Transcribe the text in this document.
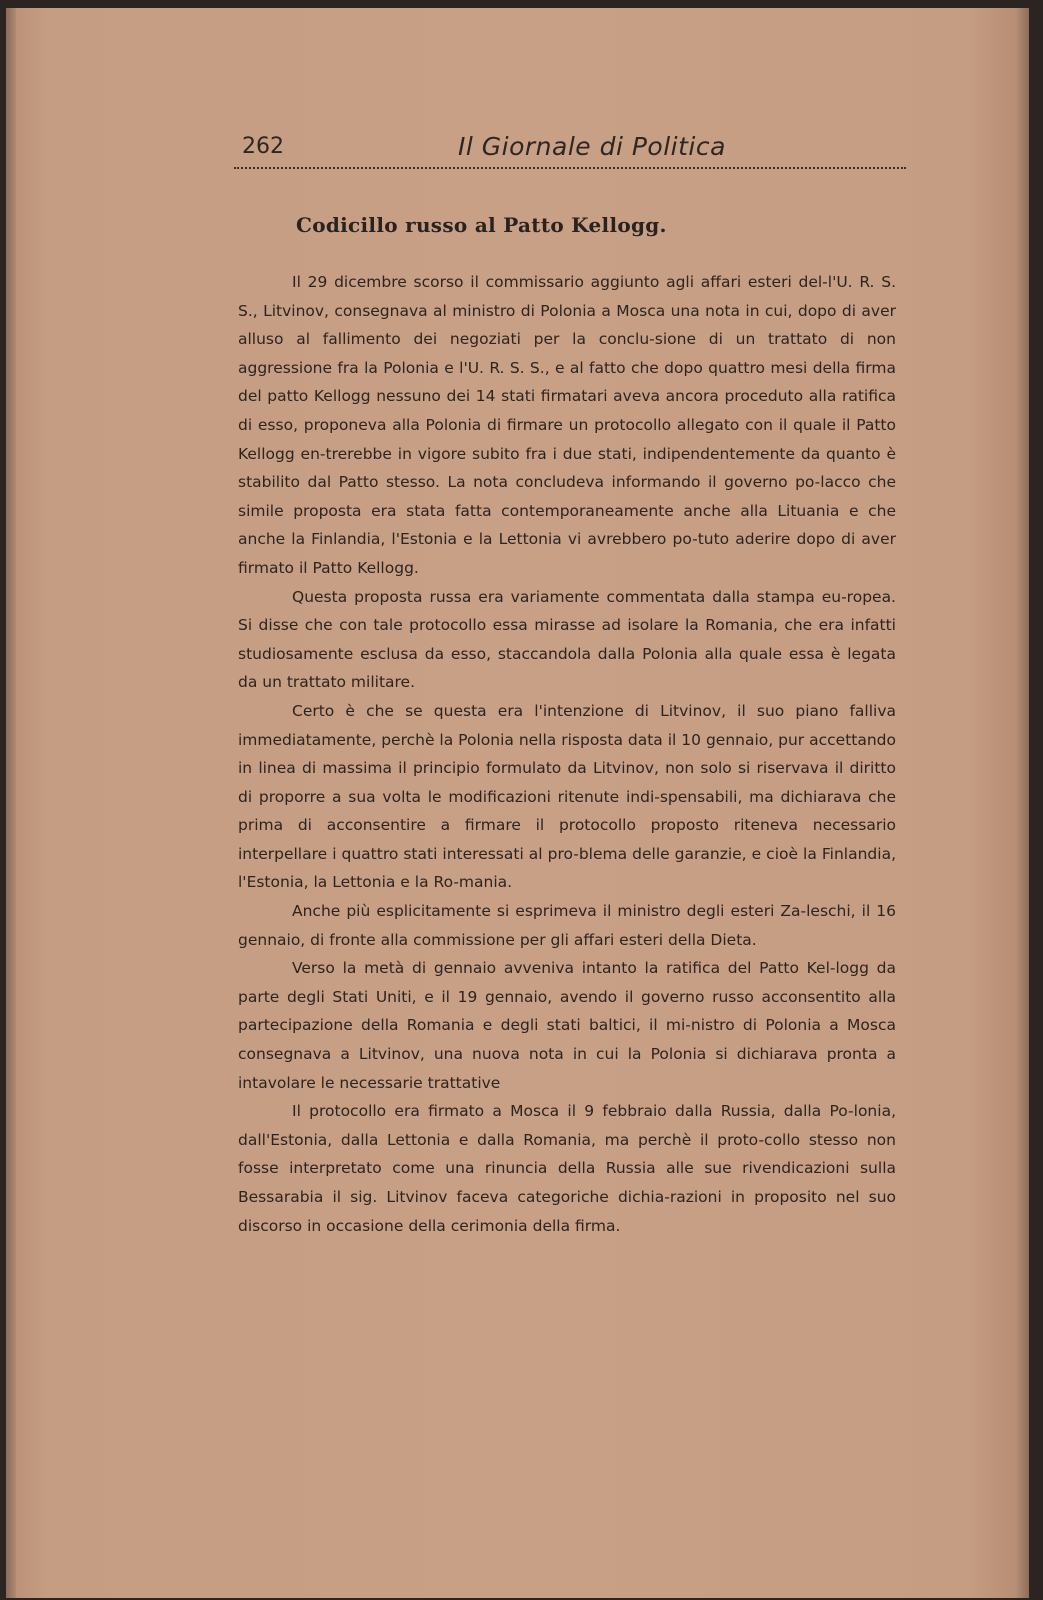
262	Il Giornale di Politica
Codicillo russo al Patto Kellogg.

Il 29 dicembre scorso il commissario aggiunto agli affari esteri del-l'U. R. S. S., Litvinov, consegnava al ministro di Polonia a Mosca una nota in cui, dopo di aver alluso al fallimento dei negoziati per la conclu-sione di un trattato di non aggressione fra la Polonia e l'U. R. S. S., e al fatto che dopo quattro mesi della firma del patto Kellogg nessuno dei 14 stati firmatari aveva ancora proceduto alla ratifica di esso, proponeva alla Polonia di firmare un protocollo allegato con il quale il Patto Kellogg en-trerebbe in vigore subito fra i due stati, indipendentemente da quanto è stabilito dal Patto stesso. La nota concludeva informando il governo po-lacco che simile proposta era stata fatta contemporaneamente anche alla Lituania e che anche la Finlandia, l'Estonia e la Lettonia vi avrebbero po-tuto aderire dopo di aver firmato il Patto Kellogg.

Questa proposta russa era variamente commentata dalla stampa eu-ropea. Si disse che con tale protocollo essa mirasse ad isolare la Romania, che era infatti studiosamente esclusa da esso, staccandola dalla Polonia alla quale essa è legata da un trattato militare.

Certo è che se questa era l'intenzione di Litvinov, il suo piano falliva immediatamente, perchè la Polonia nella risposta data il 10 gennaio, pur accettando in linea di massima il principio formulato da Litvinov, non solo si riservava il diritto di proporre a sua volta le modificazioni ritenute indi-spensabili, ma dichiarava che prima di acconsentire a firmare il protocollo proposto riteneva necessario interpellare i quattro stati interessati al pro-blema delle garanzie, e cioè la Finlandia, l'Estonia, la Lettonia e la Ro-mania.

Anche più esplicitamente si esprimeva il ministro degli esteri Za-leschi, il 16 gennaio, di fronte alla commissione per gli affari esteri della Dieta.

Verso la metà di gennaio avveniva intanto la ratifica del Patto Kel-logg da parte degli Stati Uniti, e il 19 gennaio, avendo il governo russo acconsentito alla partecipazione della Romania e degli stati baltici, il mi-nistro di Polonia a Mosca consegnava a Litvinov, una nuova nota in cui la Polonia si dichiarava pronta a intavolare le necessarie trattative

Il protocollo era firmato a Mosca il 9 febbraio dalla Russia, dalla Po-lonia, dall'Estonia, dalla Lettonia e dalla Romania, ma perchè il proto-collo stesso non fosse interpretato come una rinuncia della Russia alle sue rivendicazioni sulla Bessarabia il sig. Litvinov faceva categoriche dichia-razioni in proposito nel suo discorso in occasione della cerimonia della firma.
